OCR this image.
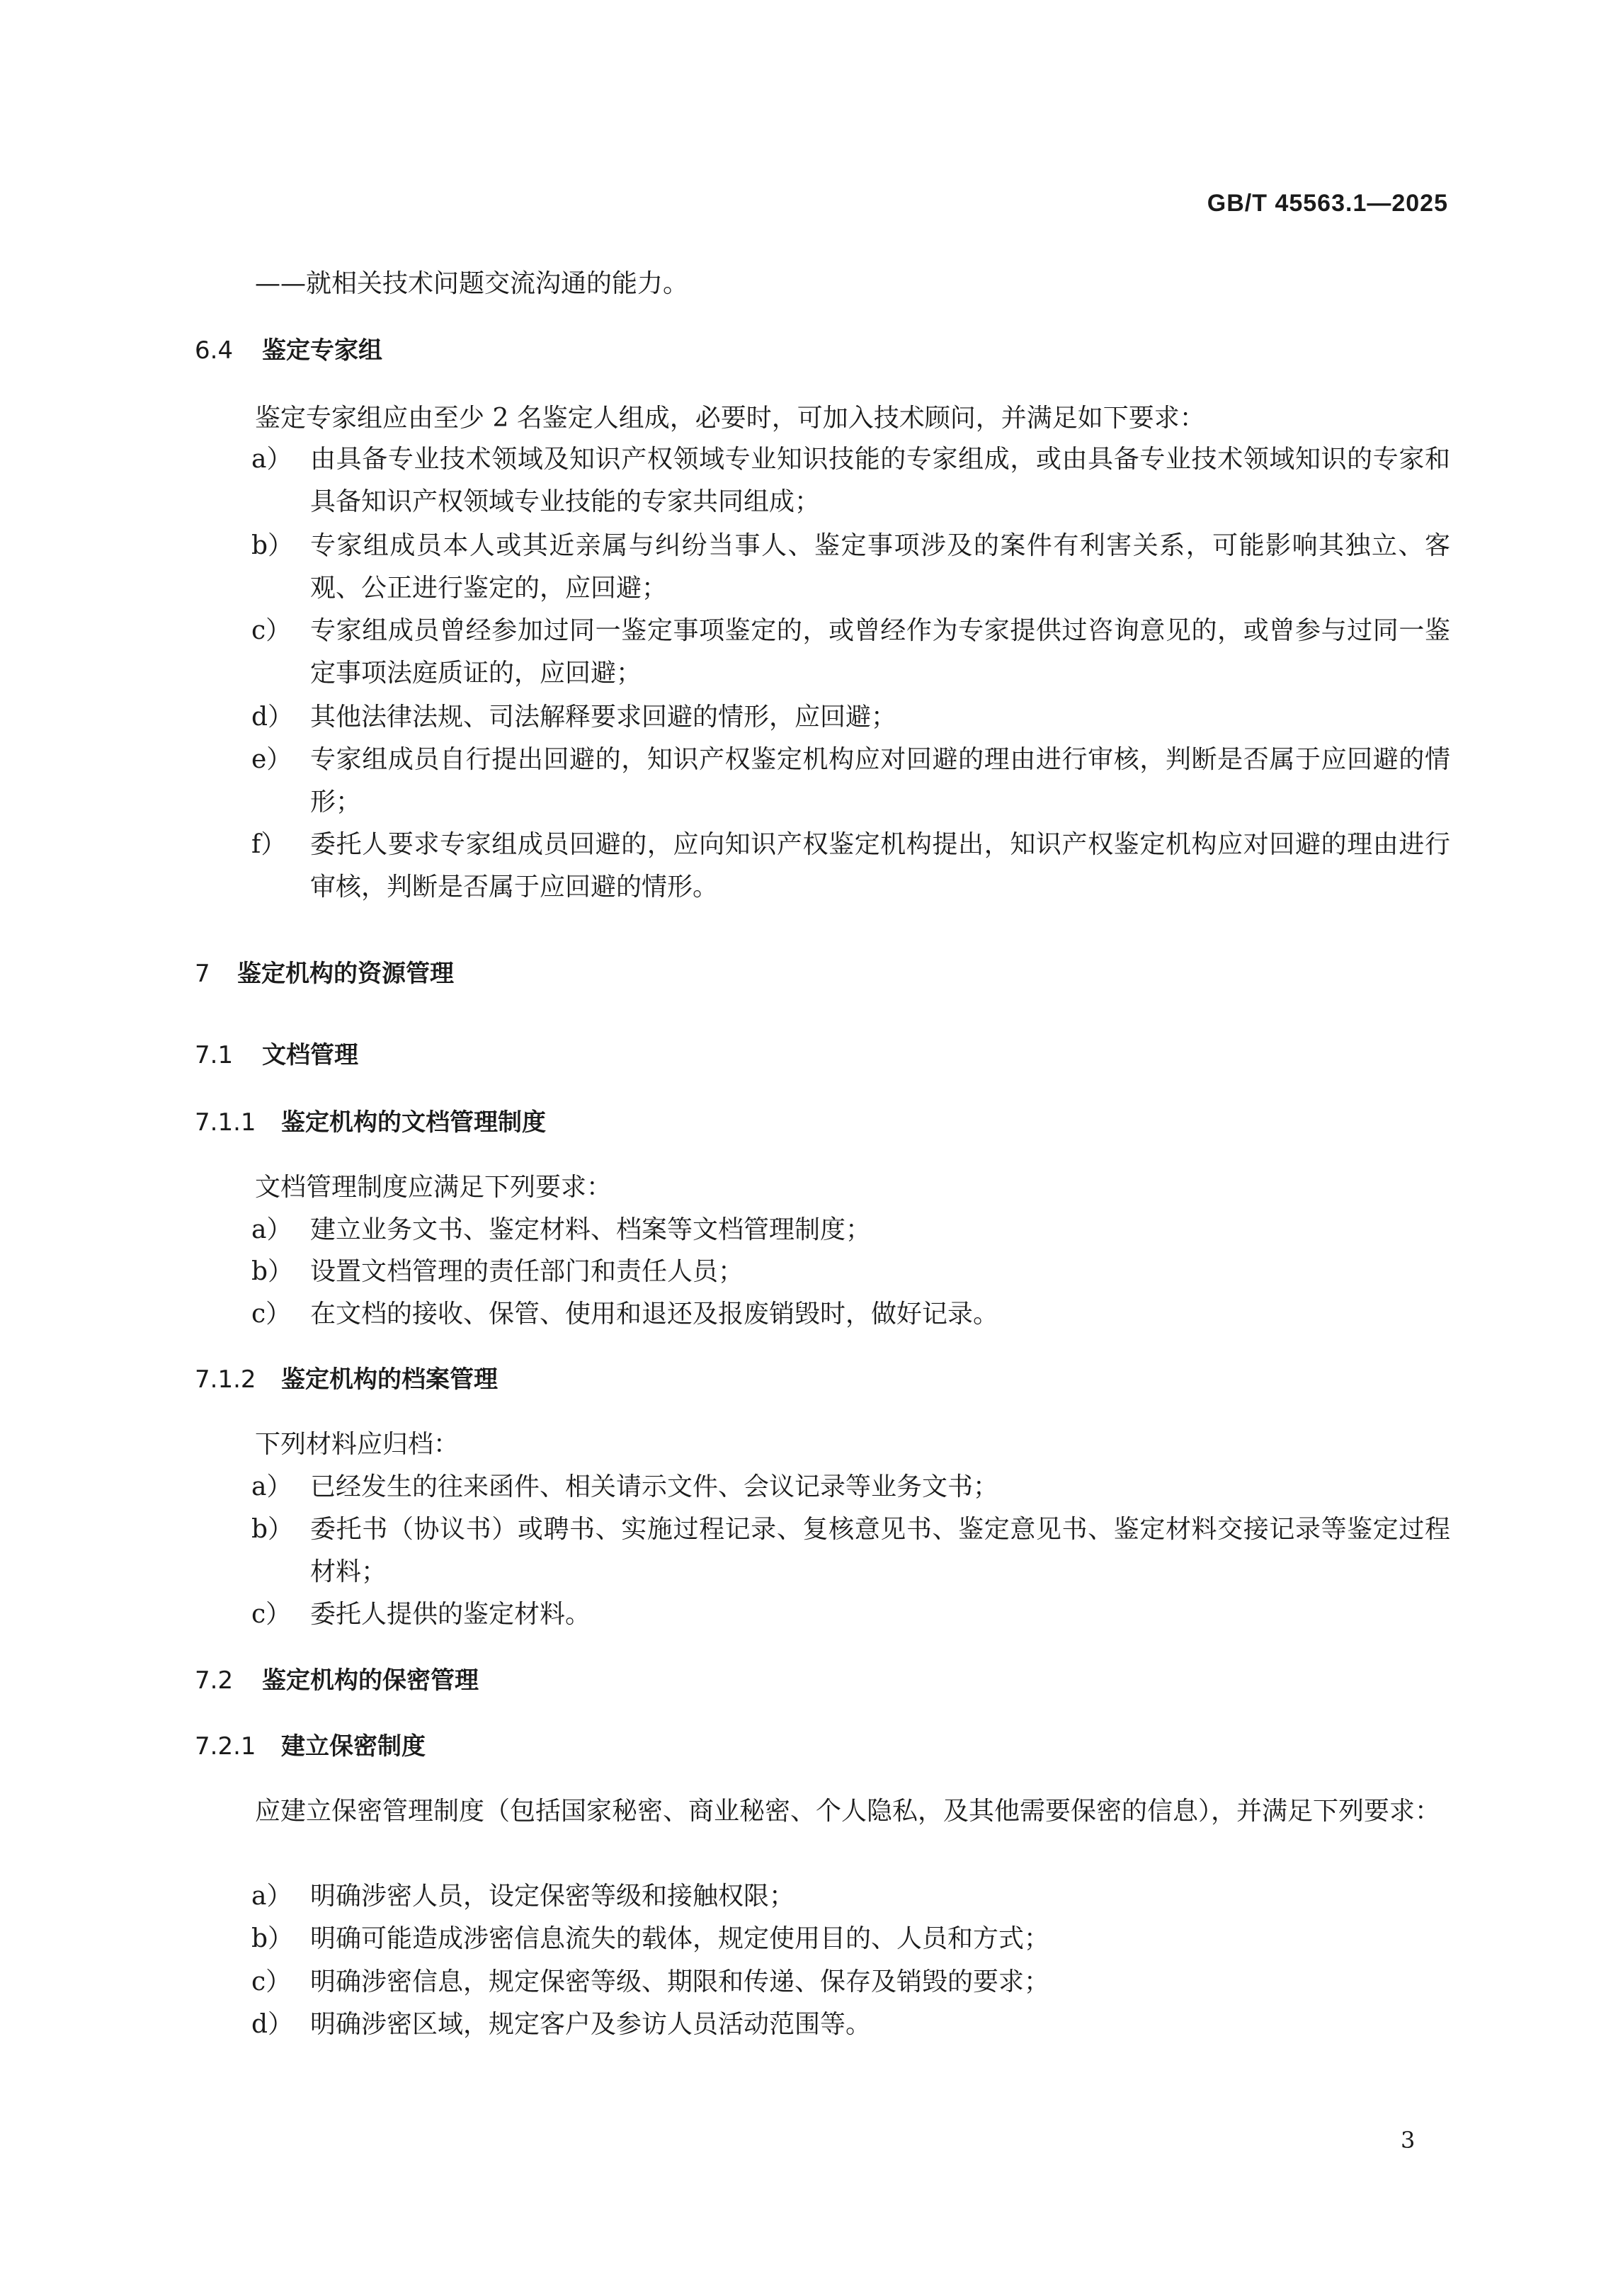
GB/T 45563.1—2025
——就相关技术问题交流沟通的能力。
6.4 鉴定专家组
鉴定专家组应由至少 2 名鉴定人组成，必要时，可加入技术顾问，并满足如下要求：
a） 由具备专业技术领域及知识产权领域专业知识技能的专家组成，或由具备专业技术领域知识的专家和具备知识产权领域专业技能的专家共同组成；
b） 专家组成员本人或其近亲属与纠纷当事人、鉴定事项涉及的案件有利害关系，可能影响其独立、客观、公正进行鉴定的，应回避；
c） 专家组成员曾经参加过同一鉴定事项鉴定的，或曾经作为专家提供过咨询意见的，或曾参与过同一鉴定事项法庭质证的，应回避；
d） 其他法律法规、司法解释要求回避的情形，应回避；
e） 专家组成员自行提出回避的，知识产权鉴定机构应对回避的理由进行审核，判断是否属于应回避的情形；
f） 委托人要求专家组成员回避的，应向知识产权鉴定机构提出，知识产权鉴定机构应对回避的理由进行审核，判断是否属于应回避的情形。
7 鉴定机构的资源管理
7.1 文档管理
7.1.1 鉴定机构的文档管理制度
文档管理制度应满足下列要求：
a） 建立业务文书、鉴定材料、档案等文档管理制度；
b） 设置文档管理的责任部门和责任人员；
c） 在文档的接收、保管、使用和退还及报废销毁时，做好记录。
7.1.2 鉴定机构的档案管理
下列材料应归档：
a） 已经发生的往来函件、相关请示文件、会议记录等业务文书；
b） 委托书（协议书）或聘书、实施过程记录、复核意见书、鉴定意见书、鉴定材料交接记录等鉴定过程材料；
c） 委托人提供的鉴定材料。
7.2 鉴定机构的保密管理
7.2.1 建立保密制度
应建立保密管理制度（包括国家秘密、商业秘密、个人隐私，及其他需要保密的信息），并满足下列要求：
a） 明确涉密人员，设定保密等级和接触权限；
b） 明确可能造成涉密信息流失的载体，规定使用目的、人员和方式；
c） 明确涉密信息，规定保密等级、期限和传递、保存及销毁的要求；
d） 明确涉密区域，规定客户及参访人员活动范围等。
3
